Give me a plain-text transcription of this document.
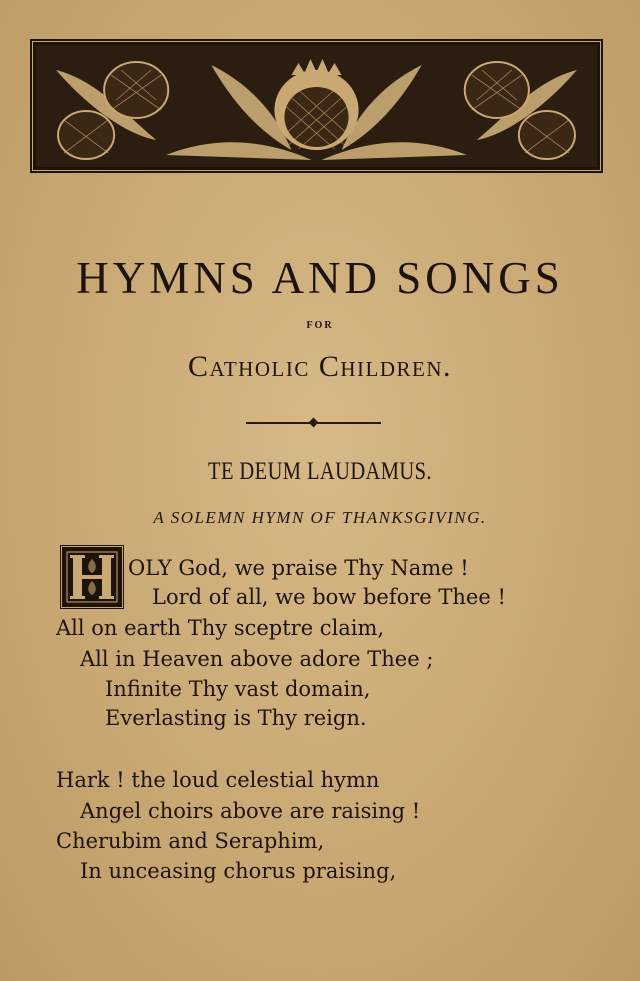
HYMNS AND SONGS
FOR
Catholic Children.
TE DEUM LAUDAMUS.
A SOLEMN HYMN OF THANKSGIVING.
OLY God, we praise Thy Name !
Lord of all, we bow before Thee !
All on earth Thy sceptre claim,
All in Heaven above adore Thee ;
Infinite Thy vast domain,
Everlasting is Thy reign.
Hark ! the loud celestial hymn
Angel choirs above are raising !
Cherubim and Seraphim,
In unceasing chorus praising,
